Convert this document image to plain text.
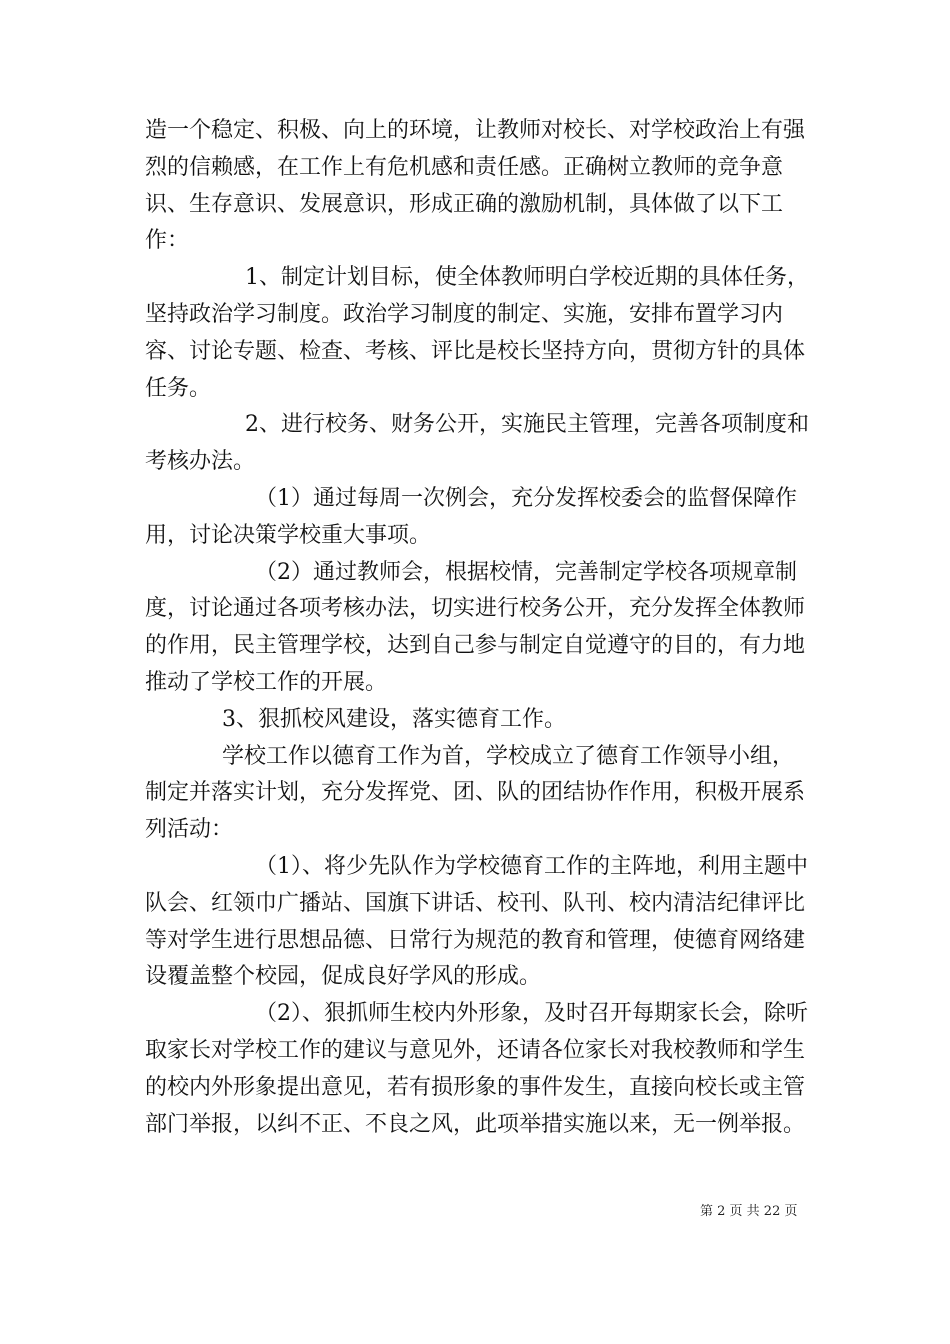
造一个稳定、积极、向上的环境，让教师对校长、对学校政治上有强烈的信赖感，在工作上有危机感和责任感。正确树立教师的竞争意识、生存意识、发展意识，形成正确的激励机制，具体做了以下工作：

1、制定计划目标，使全体教师明白学校近期的具体任务，坚持政治学习制度。政治学习制度的制定、实施，安排布置学习内容、讨论专题、检查、考核、评比是校长坚持方向，贯彻方针的具体任务。

2、进行校务、财务公开，实施民主管理，完善各项制度和考核办法。

（1）通过每周一次例会，充分发挥校委会的监督保障作用，讨论决策学校重大事项。

（2）通过教师会，根据校情，完善制定学校各项规章制度，讨论通过各项考核办法，切实进行校务公开，充分发挥全体教师的作用，民主管理学校，达到自己参与制定自觉遵守的目的，有力地推动了学校工作的开展。

3、狠抓校风建设，落实德育工作。

学校工作以德育工作为首，学校成立了德育工作领导小组，制定并落实计划，充分发挥党、团、队的团结协作作用，积极开展系列活动：

（1）、将少先队作为学校德育工作的主阵地，利用主题中队会、红领巾广播站、国旗下讲话、校刊、队刊、校内清洁纪律评比等对学生进行思想品德、日常行为规范的教育和管理，使德育网络建设覆盖整个校园，促成良好学风的形成。

（2）、狠抓师生校内外形象，及时召开每期家长会，除听取家长对学校工作的建议与意见外，还请各位家长对我校教师和学生的校内外形象提出意见，若有损形象的事件发生，直接向校长或主管部门举报，以纠不正、不良之风，此项举措实施以来，无一例举报。

第 2 页 共 22 页
